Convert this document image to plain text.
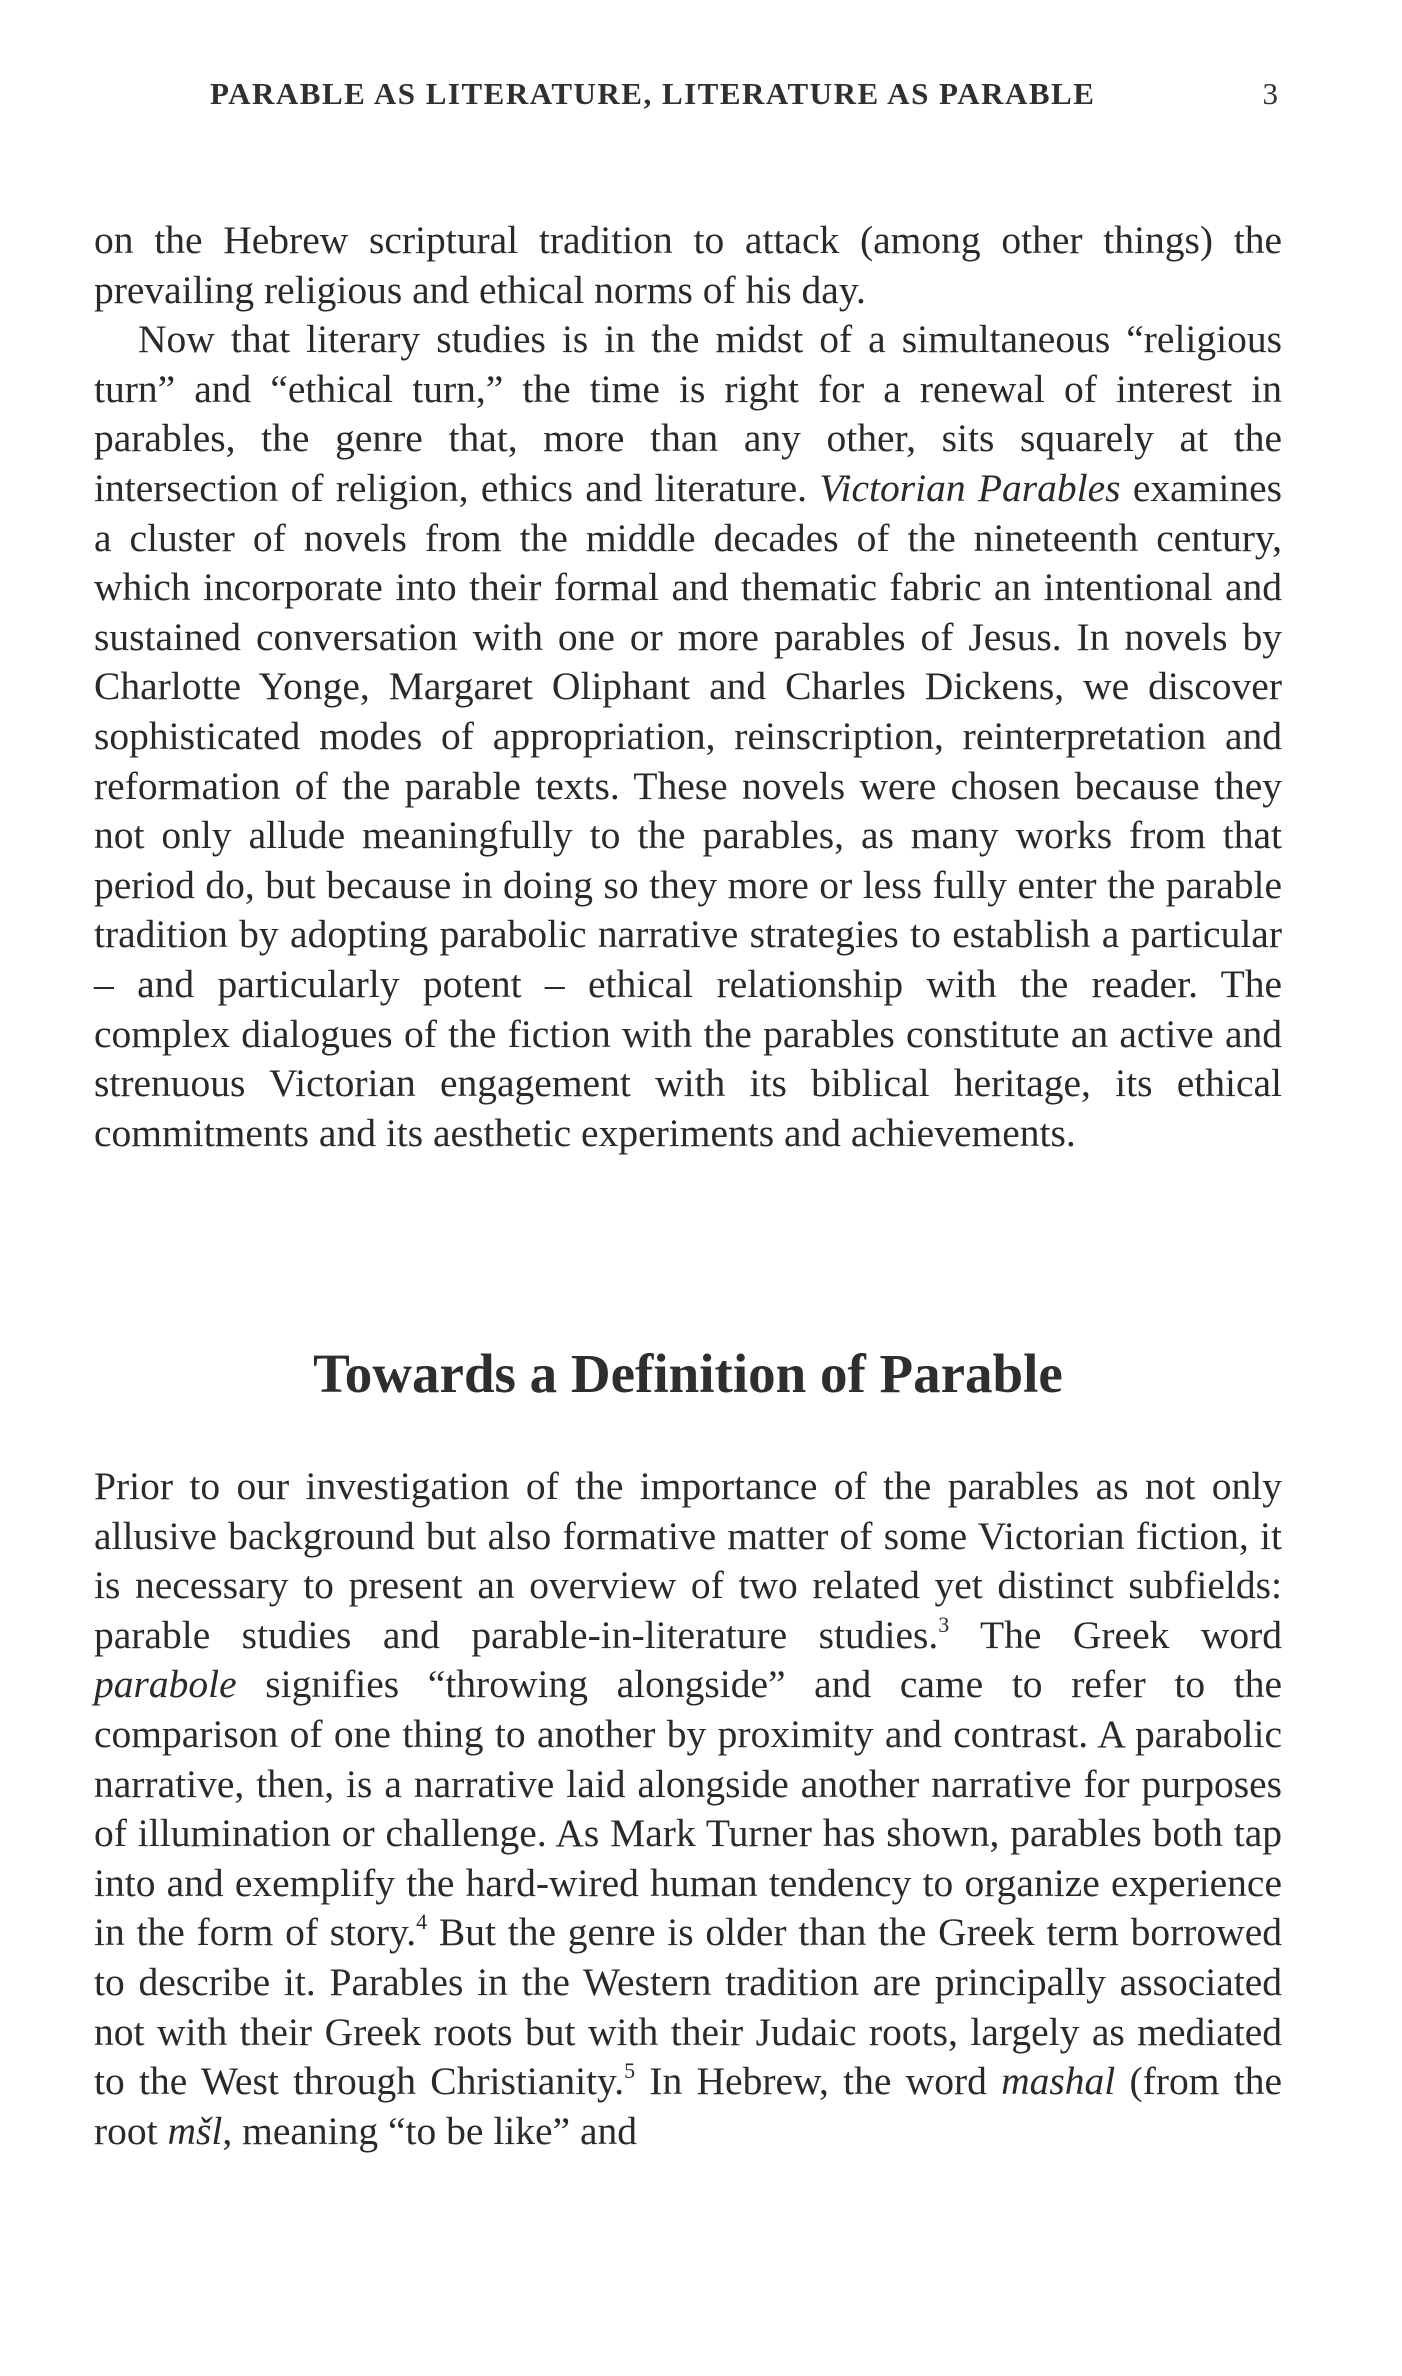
PARABLE AS LITERATURE, LITERATURE AS PARABLE	3

on the Hebrew scriptural tradition to attack (among other things) the prevailing religious and ethical norms of his day.

Now that literary studies is in the midst of a simultaneous “religious turn” and “ethical turn,” the time is right for a renewal of interest in parables, the genre that, more than any other, sits squarely at the intersection of religion, ethics and literature. Victorian Parables examines a cluster of novels from the middle decades of the nineteenth century, which incorporate into their formal and thematic fabric an intentional and sustained conversation with one or more parables of Jesus. In novels by Charlotte Yonge, Margaret Oliphant and Charles Dickens, we discover sophisticated modes of appropriation, reinscription, reinterpretation and reformation of the parable texts. These novels were chosen because they not only allude meaningfully to the parables, as many works from that period do, but because in doing so they more or less fully enter the parable tradition by adopting parabolic narrative strategies to establish a particular – and particularly potent – ethical relationship with the reader. The complex dialogues of the fiction with the parables constitute an active and strenuous Victorian engagement with its biblical heritage, its ethical commitments and its aesthetic experiments and achievements.

Towards a Definition of Parable

Prior to our investigation of the importance of the parables as not only allusive background but also formative matter of some Victorian fiction, it is necessary to present an overview of two related yet distinct subfields: parable studies and parable-in-literature studies.$^3$ The Greek word parabole signifies “throwing alongside” and came to refer to the comparison of one thing to another by proximity and contrast. A parabolic narrative, then, is a narrative laid alongside another narrative for purposes of illumination or challenge. As Mark Turner has shown, parables both tap into and exemplify the hard-wired human tendency to organize experience in the form of story.$^4$ But the genre is older than the Greek term borrowed to describe it. Parables in the Western tradition are principally associated not with their Greek roots but with their Judaic roots, largely as mediated to the West through Christianity.$^5$ In Hebrew, the word mashal (from the root mšl, meaning “to be like” and
